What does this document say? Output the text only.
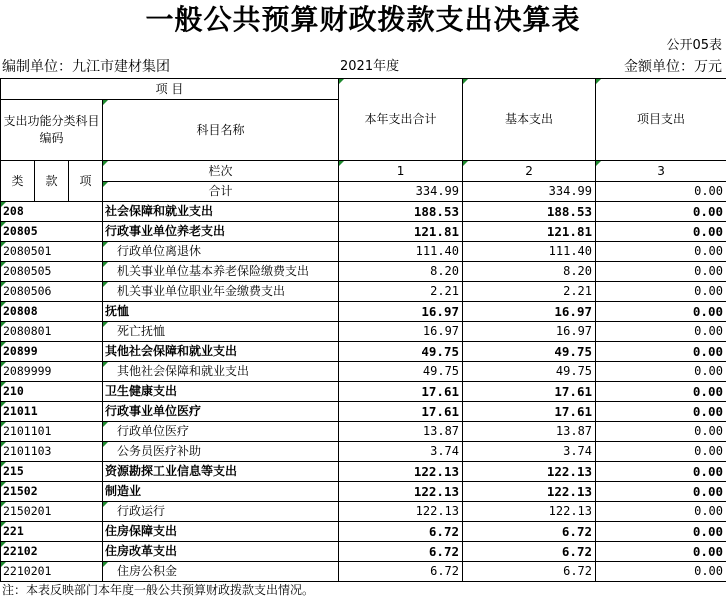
一般公共预算财政拨款支出决算表
公开05表
编制单位：九江市建材集团	2021年度	金额单位：万元
项 目				本年支出合计	基本支出	项目支出
支出功能分类科目编码			科目名称			
类	款	项	栏次	1	2	3
			合计	334.99	334.99	0.00
208			社会保障和就业支出	188.53	188.53	0.00
20805			行政事业单位养老支出	121.81	121.81	0.00
2080501			行政单位离退休	111.40	111.40	0.00
2080505			机关事业单位基本养老保险缴费支出	8.20	8.20	0.00
2080506			机关事业单位职业年金缴费支出	2.21	2.21	0.00
20808			抚恤	16.97	16.97	0.00
2080801			死亡抚恤	16.97	16.97	0.00
20899			其他社会保障和就业支出	49.75	49.75	0.00
2089999			其他社会保障和就业支出	49.75	49.75	0.00
210			卫生健康支出	17.61	17.61	0.00
21011			行政事业单位医疗	17.61	17.61	0.00
2101101			行政单位医疗	13.87	13.87	0.00
2101103			公务员医疗补助	3.74	3.74	0.00
215			资源勘探工业信息等支出	122.13	122.13	0.00
21502			制造业	122.13	122.13	0.00
2150201			行政运行	122.13	122.13	0.00
221			住房保障支出	6.72	6.72	0.00
22102			住房改革支出	6.72	6.72	0.00
2210201			住房公积金	6.72	6.72	0.00
注：本表反映部门本年度一般公共预算财政拨款支出情况。
